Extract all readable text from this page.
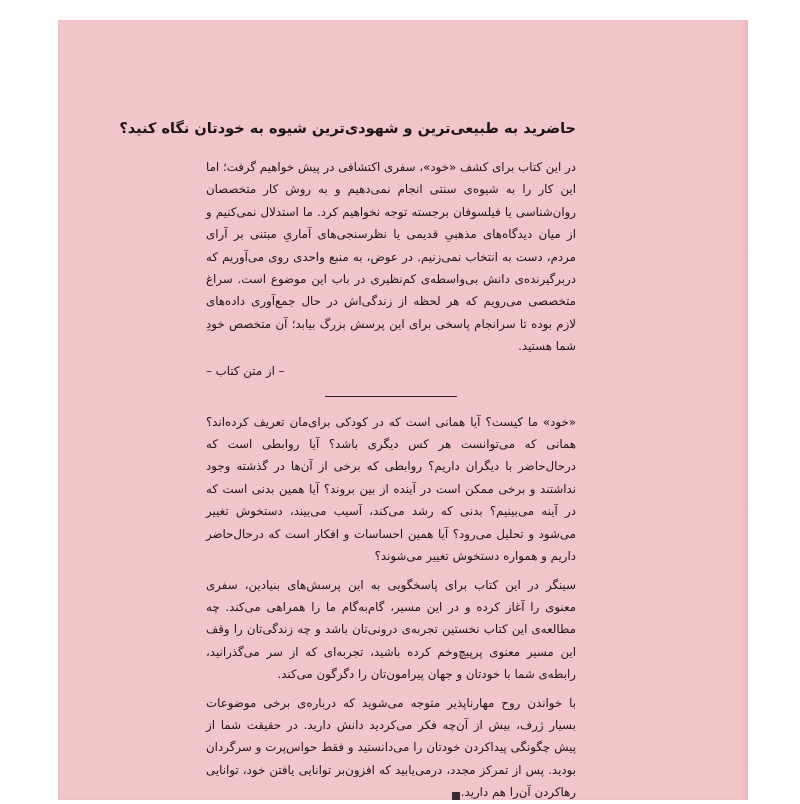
حاضرید به طبیعی‌ترین و شهودی‌ترین شیوه به خودتان نگاه کنید؟

در این کتاب برای کشف «خود»، سفری اکتشافی در پیش خواهیم گرفت؛ اما این کار را به شیوه‌ی سنتی انجام نمی‌دهیم و به روش کار متخصصان روان‌شناسی یا فیلسوفان برجسته توجه نخواهیم کرد. ما استدلال نمی‌کنیم و از میان دیدگاه‌های مذهبیِ قدیمی یا نظرسنجی‌های آماریِ مبتنی بر آرای مردم، دست به انتخاب نمی‌زنیم. در عوض، به منبع واحدی روی می‌آوریم که دربرگیرنده‌ی دانش بی‌واسطه‌ی کم‌نظیری در باب این موضوع است. سراغ متخصصی می‌رویم که هر لحظه از زندگی‌اش در حال جمع‌آوری داده‌های لازم بوده تا سرانجام پاسخی برای این پرسش بزرگ بیابد؛ آن متخصص خودِ شما هستید.

– از متن کتاب –

«خود» ما کیست؟ آیا همانی است که در کودکی برای‌مان تعریف کرده‌اند؟ همانی که می‌توانست هر کس دیگری باشد؟ آیا روابطی است که در‌حال‌حاضر با دیگران داریم؟ روابطی که برخی از آن‌ها در گذشته وجود نداشتند و برخی ممکن است در آینده از بین بروند؟ آیا همین بدنی است که در آینه می‌بینیم؟ بدنی که رشد می‌کند، آسیب می‌بیند، دستخوش تغییر می‌شود و تحلیل می‌رود؟ آیا همین احساسات و افکار است که در‌حال‌حاضر داریم و همواره دستخوش تغییر می‌شوند؟

سینگر در این کتاب برای پاسخگویی به این پرسش‌های بنیادین، سفری معنوی را آغاز کرده و در این مسیر، گام‌به‌گام ما را همراهی می‌کند. چه مطالعه‌ی این کتاب نخستین تجربه‌ی درونی‌تان باشد و چه زندگی‌تان را وقف این مسیر معنوی پرپیچ‌وخم کرده باشید، تجربه‌ای که از سر می‌گذرانید، رابطه‌ی شما با خودتان و جهان پیرامون‌تان را دگرگون می‌کند.

با خواندن روح مهارناپذیر متوجه می‌شوید که درباره‌ی برخی موضوعات بسیار ژرف، بیش از آن‌چه فکر می‌کردید دانش دارید. در حقیقت شما از پیش چگونگی پیداکردن خودتان را می‌دانستید و فقط حواس‌پرت و سرگردان بودید. پس از تمرکز مجدد، درمی‌یابید که افزون‌بر توانایی یافتن خود، توانایی رهاکردن آن‌را هم دارید.
